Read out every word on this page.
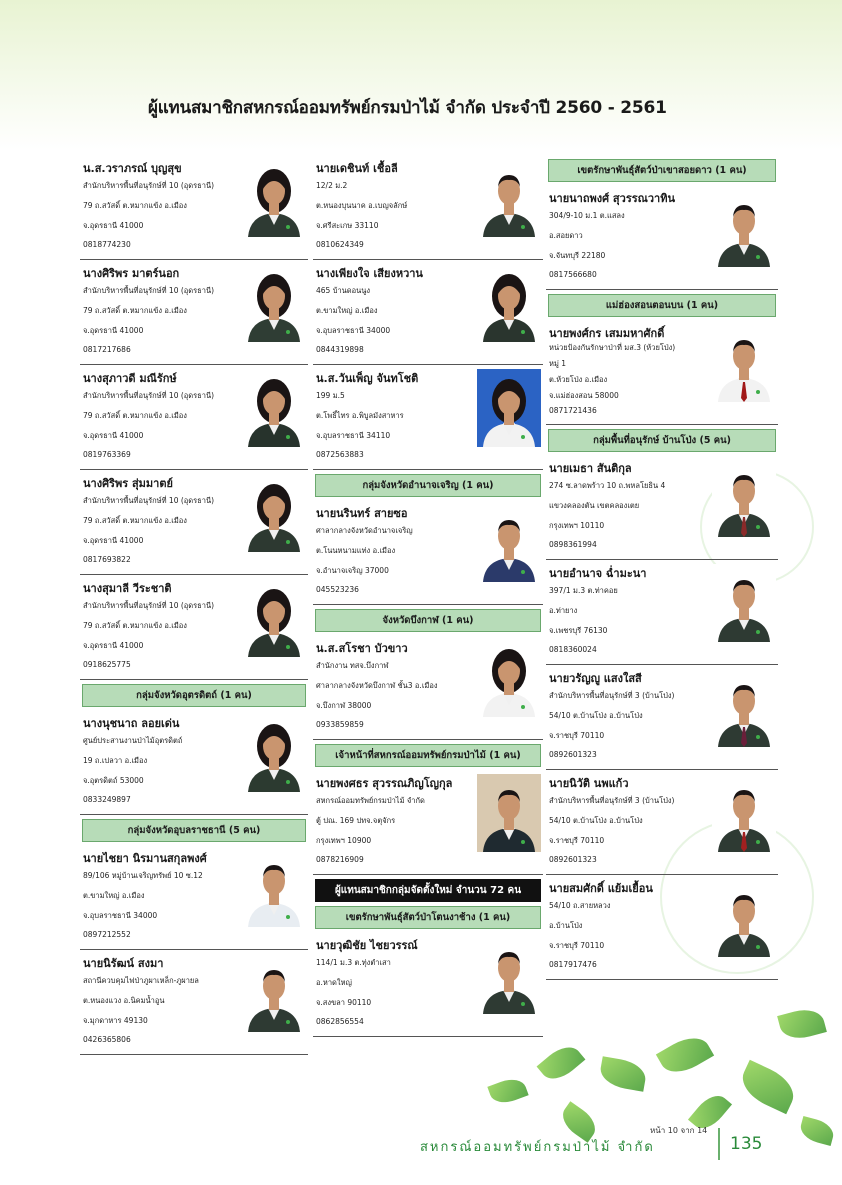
ผู้แทนสมาชิกสหกรณ์ออมทรัพย์กรมป่าไม้ จำกัด ประจำปี 2560 - 2561
น.ส.วราภรณ์ บุญสุข
สำนักบริหารพื้นที่อนุรักษ์ที่ 10 (อุดรธานี)
79 ถ.สวัสดิ์ ต.หมากแข้ง อ.เมือง
จ.อุดรธานี 41000
0818774230
นางศิริพร มาตร์นอก
สำนักบริหารพื้นที่อนุรักษ์ที่ 10 (อุดรธานี)
79 ถ.สวัสดิ์ ต.หมากแข้ง อ.เมือง
จ.อุดรธานี 41000
0817217686
นางสุภาวดี มณีรักษ์
สำนักบริหารพื้นที่อนุรักษ์ที่ 10 (อุดรธานี)
79 ถ.สวัสดิ์ ต.หมากแข้ง อ.เมือง
จ.อุดรธานี 41000
0819763369
นางศิริพร สุ่มมาตย์
สำนักบริหารพื้นที่อนุรักษ์ที่ 10 (อุดรธานี)
79 ถ.สวัสดิ์ ต.หมากแข้ง อ.เมือง
จ.อุดรธานี 41000
0817693822
นางสุมาลี วีระชาติ
สำนักบริหารพื้นที่อนุรักษ์ที่ 10 (อุดรธานี)
79 ถ.สวัสดิ์ ต.หมากแข้ง อ.เมือง
จ.อุดรธานี 41000
0918625775
กลุ่มจังหวัดอุตรดิตถ์ (1 คน)
นางนุชนาถ ลอยเด่น
ศูนย์ประสานงานป่าไม้อุตรดิตถ์
19 ถ.เปลวา อ.เมือง
จ.อุตรดิตถ์ 53000
0833249897
กลุ่มจังหวัดอุบลราชธานี (5 คน)
นายไชยา นิรมานสกุลพงศ์
89/106 หมู่บ้านเจริญทรัพย์ 10 ซ.12
ต.ขามใหญ่ อ.เมือง
จ.อุบลราชธานี 34000
0897212552
นายนิรัฒน์ สงมา
สถานีควบคุมไฟป่าภูผาเหล็ก-ภูผายล
ต.หนองแวง อ.นิคมน้ำอูน
จ.มุกดาหาร 49130
0426365806
นายเดชินท์ เชื้อลี
12/2 ม.2
ต.หนองบุนนาค อ.เบญจลักษ์
จ.ศรีสะเกษ 33110
0810624349
นางเพียงใจ เสียงหวาน
465 บ้านดอนนูง
ต.ขามใหญ่ อ.เมือง
จ.อุบลราชธานี 34000
0844319898
น.ส.วันเพ็ญ จันทโชติ
199 ม.5
ต.โพธิ์ไทร อ.พิบูลมังสาหาร
จ.อุบลราชธานี 34110
0872563883
กลุ่มจังหวัดอำนาจเจริญ (1 คน)
นายนรินทร์ สายซอ
ศาลากลางจังหวัดอำนาจเจริญ
ต.โนนหนามแท่ง อ.เมือง
จ.อำนาจเจริญ 37000
045523236
จังหวัดบึงกาฬ (1 คน)
น.ส.สโรชา บัวขาว
สำนักงาน ทสจ.บึงกาฬ
ศาลากลางจังหวัดบึงกาฬ ชั้น3 อ.เมือง
จ.บึงกาฬ 38000
0933859859
เจ้าหน้าที่สหกรณ์ออมทรัพย์กรมป่าไม้ (1 คน)
นายพงศธร สุวรรณภิญโญกุล
สหกรณ์ออมทรัพย์กรมป่าไม้ จำกัด
ตู้ ปณ. 169 ปทจ.จตุจักร
กรุงเทพฯ 10900
0878216909
ผู้แทนสมาชิกกลุ่มจัดตั้งใหม่ จำนวน 72 คน
เขตรักษาพันธุ์สัตว์ป่าโตนงาช้าง (1 คน)
นายวุฒิชัย ไชยวรรณ์
114/1 ม.3 ต.ทุ่งตำเสา
อ.หาดใหญ่
จ.สงขลา 90110
0862856554
เขตรักษาพันธุ์สัตว์ป่าเขาสอยดาว (1 คน)
นายนาถพงศ์ สุวรรณวาทิน
304/9-10 ม.1 ต.แสลง
อ.สอยดาว
จ.จันทบุรี 22180
0817566680
แม่ฮ่องสอนตอนบน (1 คน)
นายพงศ์กร เสมมหาศักดิ์
หน่วยป้องกันรักษาป่าที่ มส.3 (ห้วยโป่ง)
หมู่ 1
ต.ห้วยโป่ง อ.เมือง
จ.แม่ฮ่องสอน 58000
0871721436
กลุ่มพื้นที่อนุรักษ์ บ้านโป่ง (5 คน)
นายเมธา สันติกุล
274 ซ.ลาดพร้าว 10 ถ.พหลโยธิน 4
แขวงคลองตัน เขตคลองเตย
กรุงเทพฯ 10110
0898361994
นายอำนาจ ฉ่ำมะนา
397/1 ม.3 ต.ท่าคอย
อ.ท่ายาง
จ.เพชรบุรี 76130
0818360024
นายวรัญญู แสงใสสี
สำนักบริหารพื้นที่อนุรักษ์ที่ 3 (บ้านโป่ง)
54/10 ต.บ้านโป่ง อ.บ้านโป่ง
จ.ราชบุรี 70110
0892601323
นายนิวัติ นพแก้ว
สำนักบริหารพื้นที่อนุรักษ์ที่ 3 (บ้านโป่ง)
54/10 ต.บ้านโป่ง อ.บ้านโป่ง
จ.ราชบุรี 70110
0892601323
นายสมศักดิ์ แย้มเยื้อน
54/10 ถ.สายหลวง
อ.บ้านโป่ง
จ.ราชบุรี 70110
0817917476
หน้า 10 จาก 14
สหกรณ์ออมทรัพย์กรมป่าไม้ จำกัด	135
